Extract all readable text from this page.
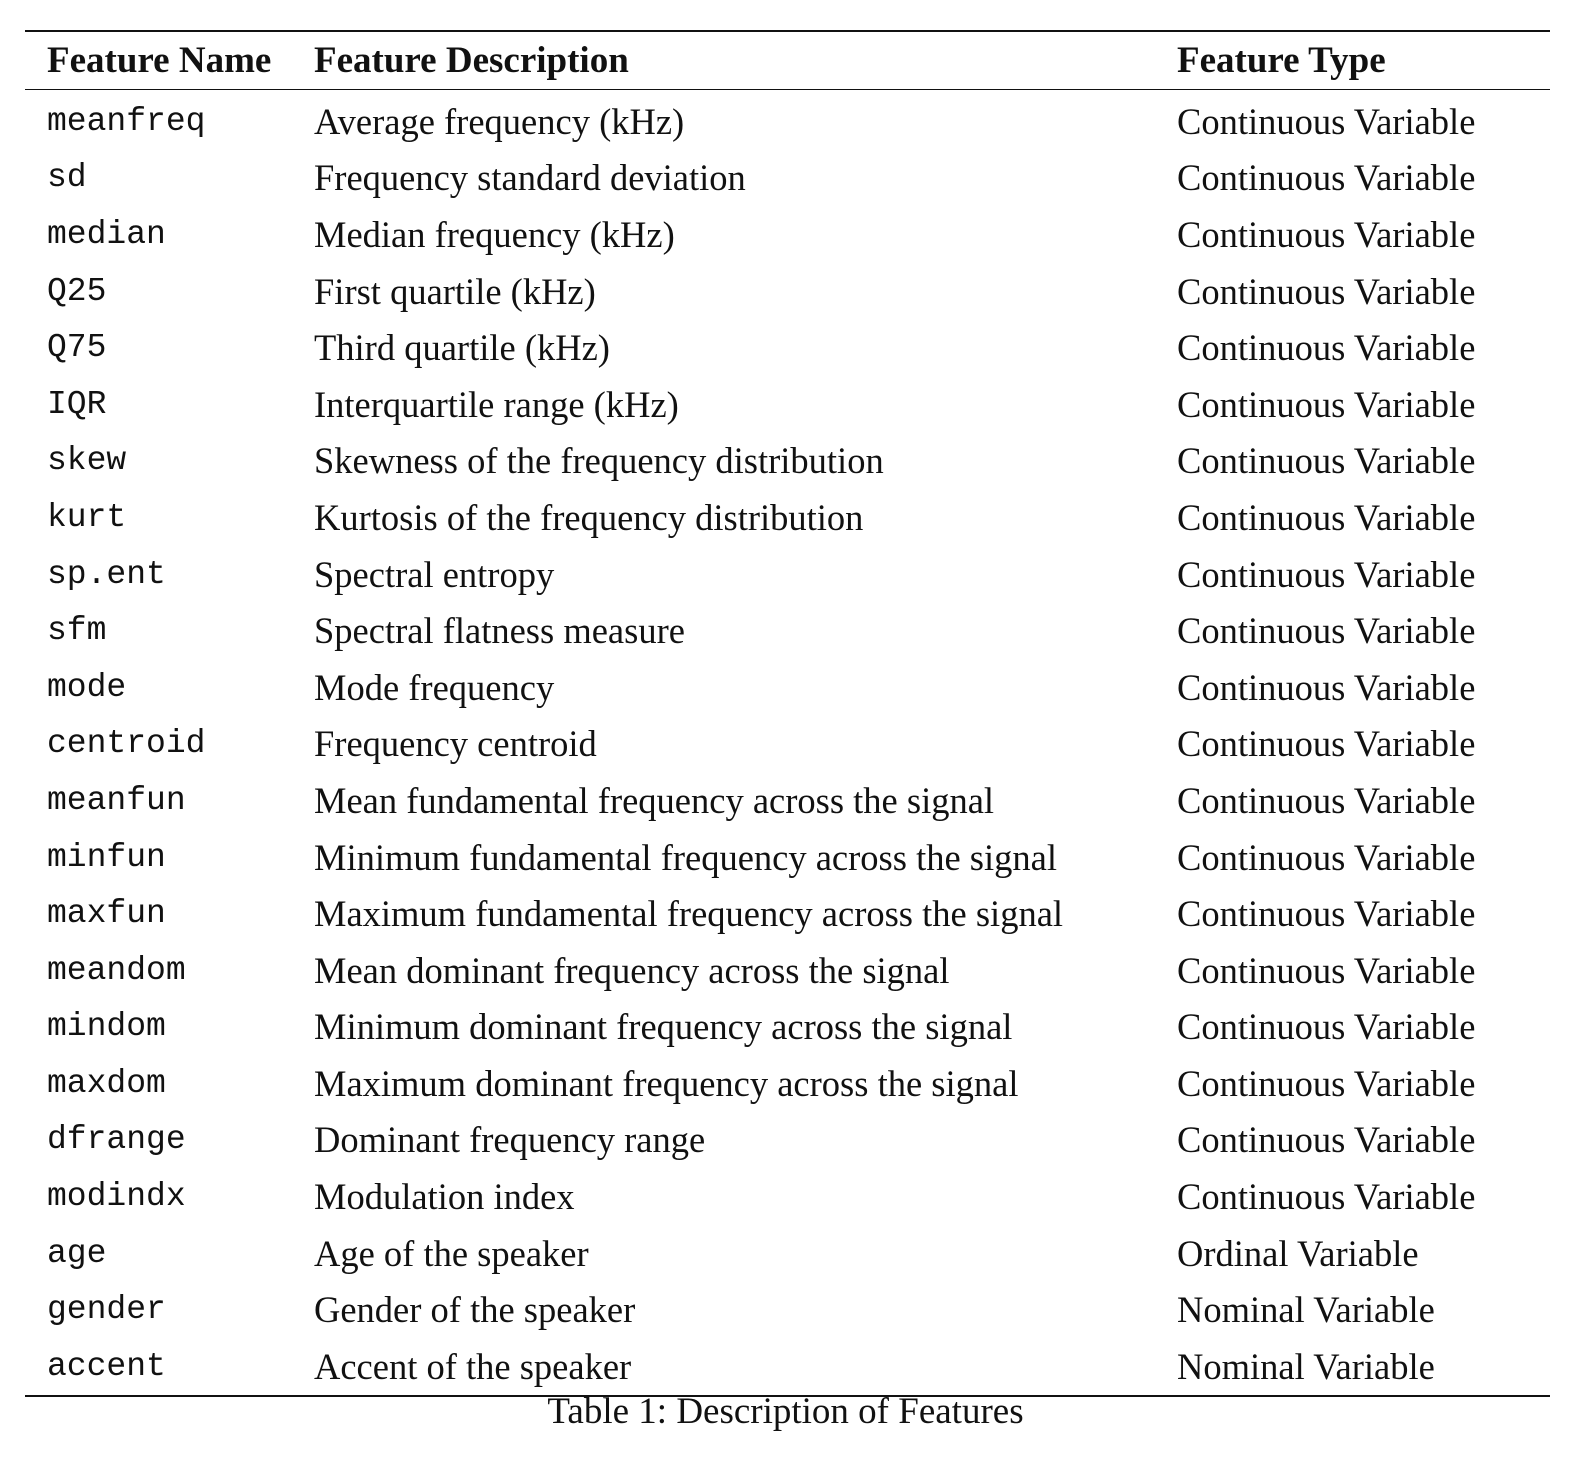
Feature Name	Feature Description	Feature Type

meanfreq	Average frequency (kHz)	Continuous Variable
sd	Frequency standard deviation	Continuous Variable
median	Median frequency (kHz)	Continuous Variable
Q25	First quartile (kHz)	Continuous Variable
Q75	Third quartile (kHz)	Continuous Variable
IQR	Interquartile range (kHz)	Continuous Variable
skew	Skewness of the frequency distribution	Continuous Variable
kurt	Kurtosis of the frequency distribution	Continuous Variable
sp.ent	Spectral entropy	Continuous Variable
sfm	Spectral flatness measure	Continuous Variable
mode	Mode frequency	Continuous Variable
centroid	Frequency centroid	Continuous Variable
meanfun	Mean fundamental frequency across the signal	Continuous Variable
minfun	Minimum fundamental frequency across the signal	Continuous Variable
maxfun	Maximum fundamental frequency across the signal	Continuous Variable
meandom	Mean dominant frequency across the signal	Continuous Variable
mindom	Minimum dominant frequency across the signal	Continuous Variable
maxdom	Maximum dominant frequency across the signal	Continuous Variable
dfrange	Dominant frequency range	Continuous Variable
modindx	Modulation index	Continuous Variable
age	Age of the speaker	Ordinal Variable
gender	Gender of the speaker	Nominal Variable
accent	Accent of the speaker	Nominal Variable
Table 1: Description of Features
